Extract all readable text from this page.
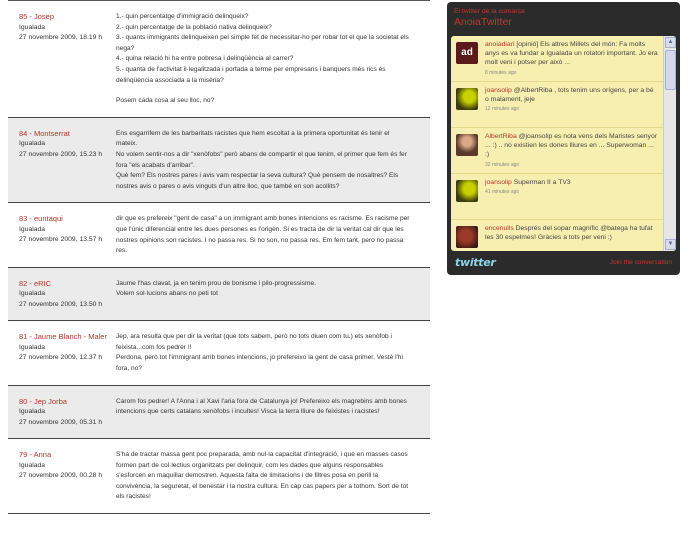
85 - Josep
Igualada
27 novembre 2009, 18.19 h

1.- quin percentatge d'immigració delinqueix?

2.- quin percentatge de la població nativa delinqueix?

3.- quants immigrants delinqueixen pel simple fet de necessitar-ho per robar tot el que la societat els nega?

4.- quina relació hi ha entre pobresa i delinqüència al carrer?

5.- quanta de l'activitat il·legalitzada i portada a terme per empresaris i banquers més rics és delinqüència associada a la misèria?

Posem cada cosa al seu lloc, no?

84 - Montserrat
Igualada
27 novembre 2009, 15.23 h

Ens esgarrifem de les barbaritats racistes que hem escoltat a la primera oportunitat és tenir el mateix.

No volem sentir-nos a dir "xenòfobs" però abans de compartir el que tenim, el primer que fem és fer fora "els acabats d'arribar".

Què fem? Els nostres pares i avis vam respectar la seva cultura? Què pensem de nosaltres? Els nostres avis o pares o avis vinguts d'un altre lloc, que també en son acollits?

83 - euntaqui
Igualada
27 novembre 2009, 13.57 h

dir que es prefereix "gent de casa" a un immigrant amb bones intencions es racisme. Es racisme per que l'únic diferencial entre les dues persones es l'origen. Si es tracta de dir la veritat cal dir que les nostres opinions son racistes. I no passa res. Si no son, no passa res. Em fem tant, pero no passa res.

82 - eRIC
Igualada
27 novembre 2009, 13.50 h

Jaume l'has clavat, ja en tenim prou de bonisme i pilo-progressisme.

Volem sol·lucions abans no peti tot

81 - Jaume Blanch - Maler
Igualada
27 novembre 2009, 12.37 h

Jep, ara resulta que per dir la veritat (que tots sabem, però no tots diuen com tu.) ets xenòfob i feixista...com fos pedrer !!

Perdona, però tot l'immigrant amb bones intencions, jo prefereixo la gent de casa primer. Vestè l'hi fora, no?

80 - Jep Jorba
Igualada
27 novembre 2009, 05.31 h

Carom fos pedrer! A l'Anna i al Xavi l'aria fora de Catalunya jo! Prefereixo els magrebins amb bones intencions que certs catalans xenòfobs i incultes! Visca la terra lliure de feixistes i racistes!

79 - Anna
Igualada
27 novembre 2009, 00.28 h

S'ha de tractar massa gent poc preparada, amb nul·la capacitat d'integració, i que en masses casos formen part de col·lectius organitzats per delinquir, com les dades que alguns responsables s'esforcen en maquillar demostren. Aquesta falta de limitacions i de filtres posa en perill la convivència, la seguretat, el benestar i la nostra cultura. En cap cas papers per a tothom. Sort de tot els racistes!

El twitter de la comarca
AnoiaTwitter
ad
anoiadiari [opinió] Els altres Millets del món: Fa molts anys es va fundar a Igualada un rotatori important. Jo era molt veni i potser per això ...
8 minutes ago
joansolip @AlbertRiba , tots tenim uns orígens, per a bé o malament, jeje
12 minutes ago
AlbertRiba @joansolip es nota vens dels Maristes senyor ... :) .. no existien les dones lliures en ... Superwoman ... :)
32 minutes ago
joansolip Superman II a TV3
41 minutes ago
encenulls Després del sopar magnífic @batega ha tufat les 30 espelmes! Gràcies a tots per veni :)
▲
▼
twitter	Join the conversation
